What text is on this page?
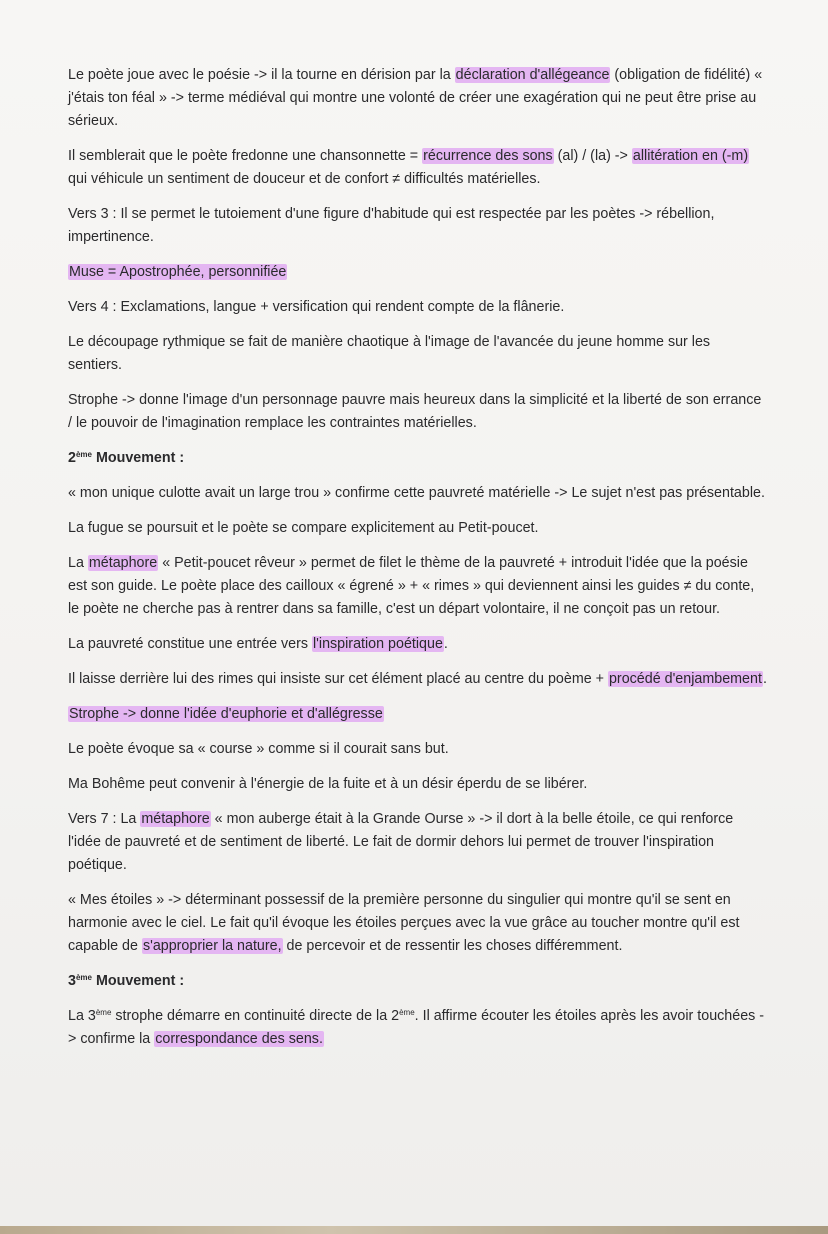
Le poète joue avec le poésie -> il la tourne en dérision par la déclaration d'allégeance (obligation de fidélité) « j'étais ton féal » -> terme médiéval qui montre une volonté de créer une exagération qui ne peut être prise au sérieux.

Il semblerait que le poète fredonne une chansonnette = récurrence des sons (al) / (la) -> allitération en (-m) qui véhicule un sentiment de douceur et de confort ≠ difficultés matérielles.

Vers 3 : Il se permet le tutoiement d'une figure d'habitude qui est respectée par les poètes -> rébellion, impertinence.

Muse = Apostrophée, personnifiée

Vers 4 : Exclamations, langue + versification qui rendent compte de la flânerie.

Le découpage rythmique se fait de manière chaotique à l'image de l'avancée du jeune homme sur les sentiers.

Strophe -> donne l'image d'un personnage pauvre mais heureux dans la simplicité et la liberté de son errance / le pouvoir de l'imagination remplace les contraintes matérielles.

2ème Mouvement :

« mon unique culotte avait un large trou » confirme cette pauvreté matérielle -> Le sujet n'est pas présentable.

La fugue se poursuit et le poète se compare explicitement au Petit-poucet.

La métaphore « Petit-poucet rêveur » permet de filet le thème de la pauvreté + introduit l'idée que la poésie est son guide. Le poète place des cailloux « égrené » + « rimes » qui deviennent ainsi les guides ≠ du conte, le poète ne cherche pas à rentrer dans sa famille, c'est un départ volontaire, il ne conçoit pas un retour.

La pauvreté constitue une entrée vers l'inspiration poétique.

Il laisse derrière lui des rimes qui insiste sur cet élément placé au centre du poème + procédé d'enjambement.

Strophe -> donne l'idée d'euphorie et d'allégresse

Le poète évoque sa « course » comme si il courait sans but.

Ma Bohême peut convenir à l'énergie de la fuite et à un désir éperdu de se libérer.

Vers 7 : La métaphore « mon auberge était à la Grande Ourse » -> il dort à la belle étoile, ce qui renforce l'idée de pauvreté et de sentiment de liberté. Le fait de dormir dehors lui permet de trouver l'inspiration poétique.

« Mes étoiles » -> déterminant possessif de la première personne du singulier qui montre qu'il se sent en harmonie avec le ciel. Le fait qu'il évoque les étoiles perçues avec la vue grâce au toucher montre qu'il est capable de s'approprier la nature, de percevoir et de ressentir les choses différemment.

3ème Mouvement :

La 3ème strophe démarre en continuité directe de la 2ème. Il affirme écouter les étoiles après les avoir touchées -> confirme la correspondance des sens.
